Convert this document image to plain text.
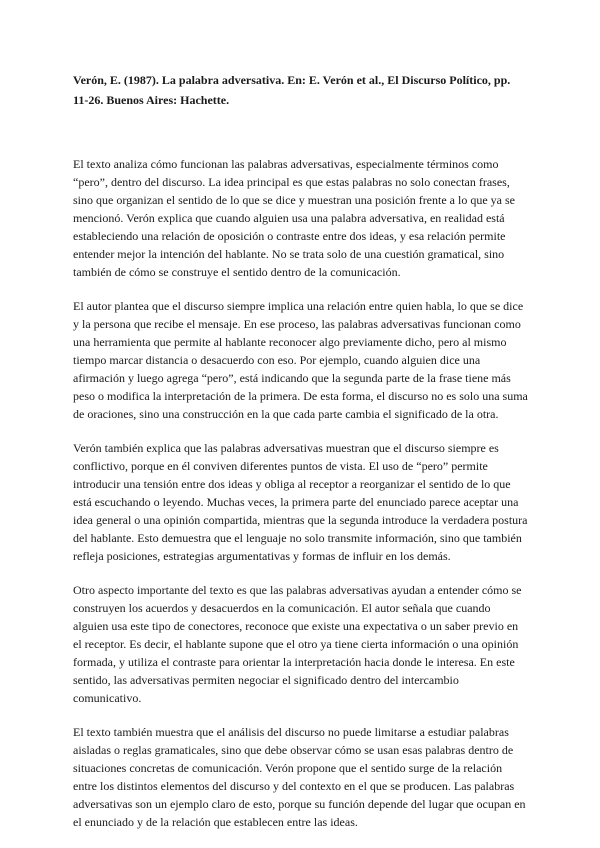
Verón, E. (1987). La palabra adversativa. En: E. Verón et al., El Discurso Político, pp. 11-26. Buenos Aires: Hachette.

El texto analiza cómo funcionan las palabras adversativas, especialmente términos como “pero”, dentro del discurso. La idea principal es que estas palabras no solo conectan frases, sino que organizan el sentido de lo que se dice y muestran una posición frente a lo que ya se mencionó. Verón explica que cuando alguien usa una palabra adversativa, en realidad está estableciendo una relación de oposición o contraste entre dos ideas, y esa relación permite entender mejor la intención del hablante. No se trata solo de una cuestión gramatical, sino también de cómo se construye el sentido dentro de la comunicación.

El autor plantea que el discurso siempre implica una relación entre quien habla, lo que se dice y la persona que recibe el mensaje. En ese proceso, las palabras adversativas funcionan como una herramienta que permite al hablante reconocer algo previamente dicho, pero al mismo tiempo marcar distancia o desacuerdo con eso. Por ejemplo, cuando alguien dice una afirmación y luego agrega “pero”, está indicando que la segunda parte de la frase tiene más peso o modifica la interpretación de la primera. De esta forma, el discurso no es solo una suma de oraciones, sino una construcción en la que cada parte cambia el significado de la otra.

Verón también explica que las palabras adversativas muestran que el discurso siempre es conflictivo, porque en él conviven diferentes puntos de vista. El uso de “pero” permite introducir una tensión entre dos ideas y obliga al receptor a reorganizar el sentido de lo que está escuchando o leyendo. Muchas veces, la primera parte del enunciado parece aceptar una idea general o una opinión compartida, mientras que la segunda introduce la verdadera postura del hablante. Esto demuestra que el lenguaje no solo transmite información, sino que también refleja posiciones, estrategias argumentativas y formas de influir en los demás.

Otro aspecto importante del texto es que las palabras adversativas ayudan a entender cómo se construyen los acuerdos y desacuerdos en la comunicación. El autor señala que cuando alguien usa este tipo de conectores, reconoce que existe una expectativa o un saber previo en el receptor. Es decir, el hablante supone que el otro ya tiene cierta información o una opinión formada, y utiliza el contraste para orientar la interpretación hacia donde le interesa. En este sentido, las adversativas permiten negociar el significado dentro del intercambio comunicativo.

El texto también muestra que el análisis del discurso no puede limitarse a estudiar palabras aisladas o reglas gramaticales, sino que debe observar cómo se usan esas palabras dentro de situaciones concretas de comunicación. Verón propone que el sentido surge de la relación entre los distintos elementos del discurso y del contexto en el que se producen. Las palabras adversativas son un ejemplo claro de esto, porque su función depende del lugar que ocupan en el enunciado y de la relación que establecen entre las ideas.
